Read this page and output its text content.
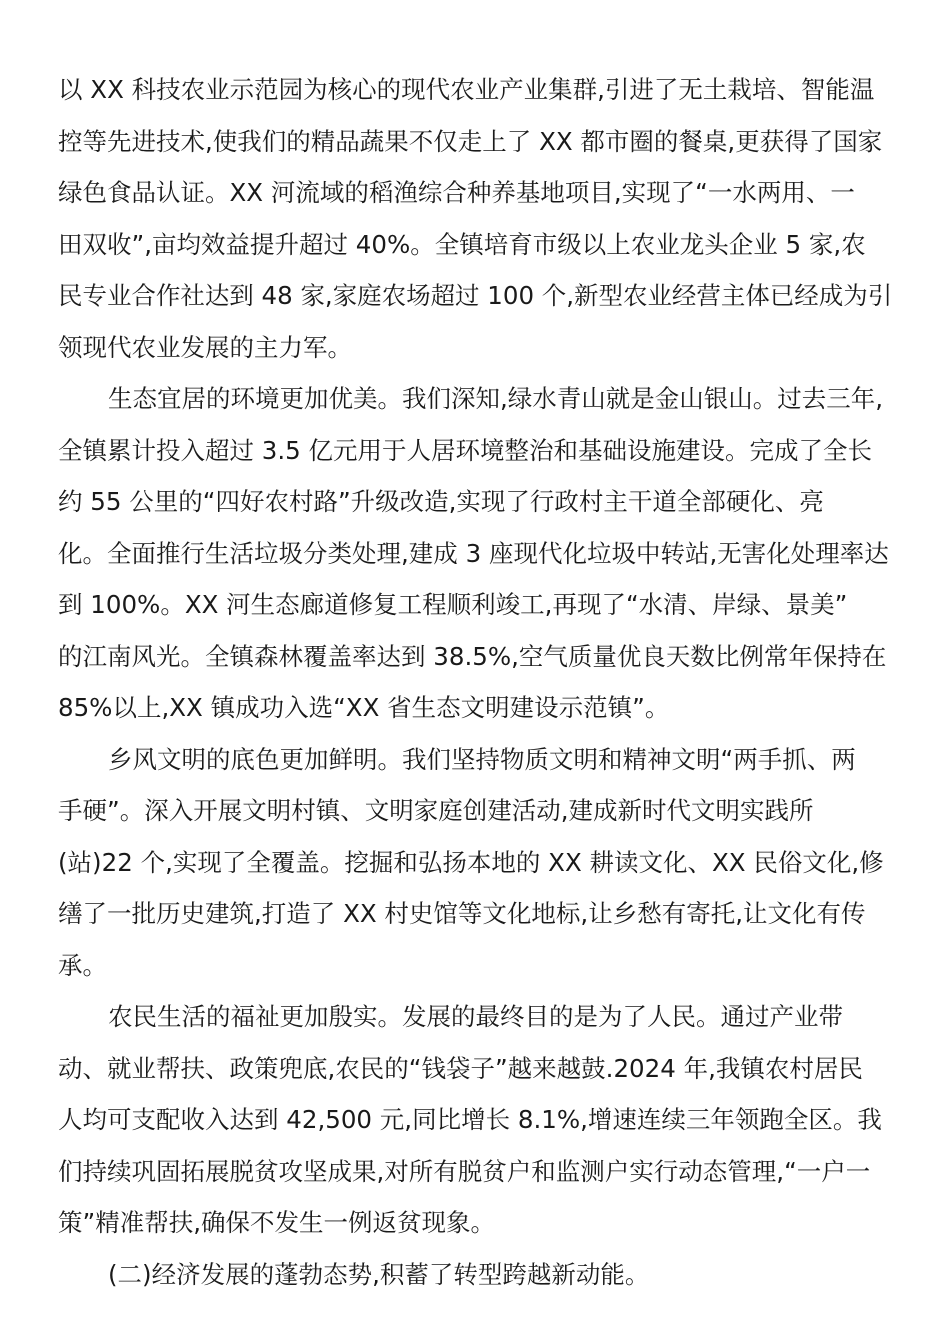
以 XX 科技农业示范园为核心的现代农业产业集群,引进了无土栽培、智能温
控等先进技术,使我们的精品蔬果不仅走上了 XX 都市圈的餐桌,更获得了国家
绿色食品认证。XX 河流域的稻渔综合种养基地项目,实现了“一水两用、一
田双收”,亩均效益提升超过 40%。全镇培育市级以上农业龙头企业 5 家,农
民专业合作社达到 48 家,家庭农场超过 100 个,新型农业经营主体已经成为引
领现代农业发展的主力军。
生态宜居的环境更加优美。我们深知,绿水青山就是金山银山。过去三年,
全镇累计投入超过 3.5 亿元用于人居环境整治和基础设施建设。完成了全长
约 55 公里的“四好农村路”升级改造,实现了行政村主干道全部硬化、亮
化。全面推行生活垃圾分类处理,建成 3 座现代化垃圾中转站,无害化处理率达
到 100%。XX 河生态廊道修复工程顺利竣工,再现了“水清、岸绿、景美”
的江南风光。全镇森林覆盖率达到 38.5%,空气质量优良天数比例常年保持在
85%以上,XX 镇成功入选“XX 省生态文明建设示范镇”。
乡风文明的底色更加鲜明。我们坚持物质文明和精神文明“两手抓、两
手硬”。深入开展文明村镇、文明家庭创建活动,建成新时代文明实践所
(站)22 个,实现了全覆盖。挖掘和弘扬本地的 XX 耕读文化、XX 民俗文化,修
缮了一批历史建筑,打造了 XX 村史馆等文化地标,让乡愁有寄托,让文化有传
承。
农民生活的福祉更加殷实。发展的最终目的是为了人民。通过产业带
动、就业帮扶、政策兜底,农民的“钱袋子”越来越鼓.2024 年,我镇农村居民
人均可支配收入达到 42,500 元,同比增长 8.1%,增速连续三年领跑全区。我
们持续巩固拓展脱贫攻坚成果,对所有脱贫户和监测户实行动态管理,“一户一
策”精准帮扶,确保不发生一例返贫现象。
(二)经济发展的蓬勃态势,积蓄了转型跨越新动能。
